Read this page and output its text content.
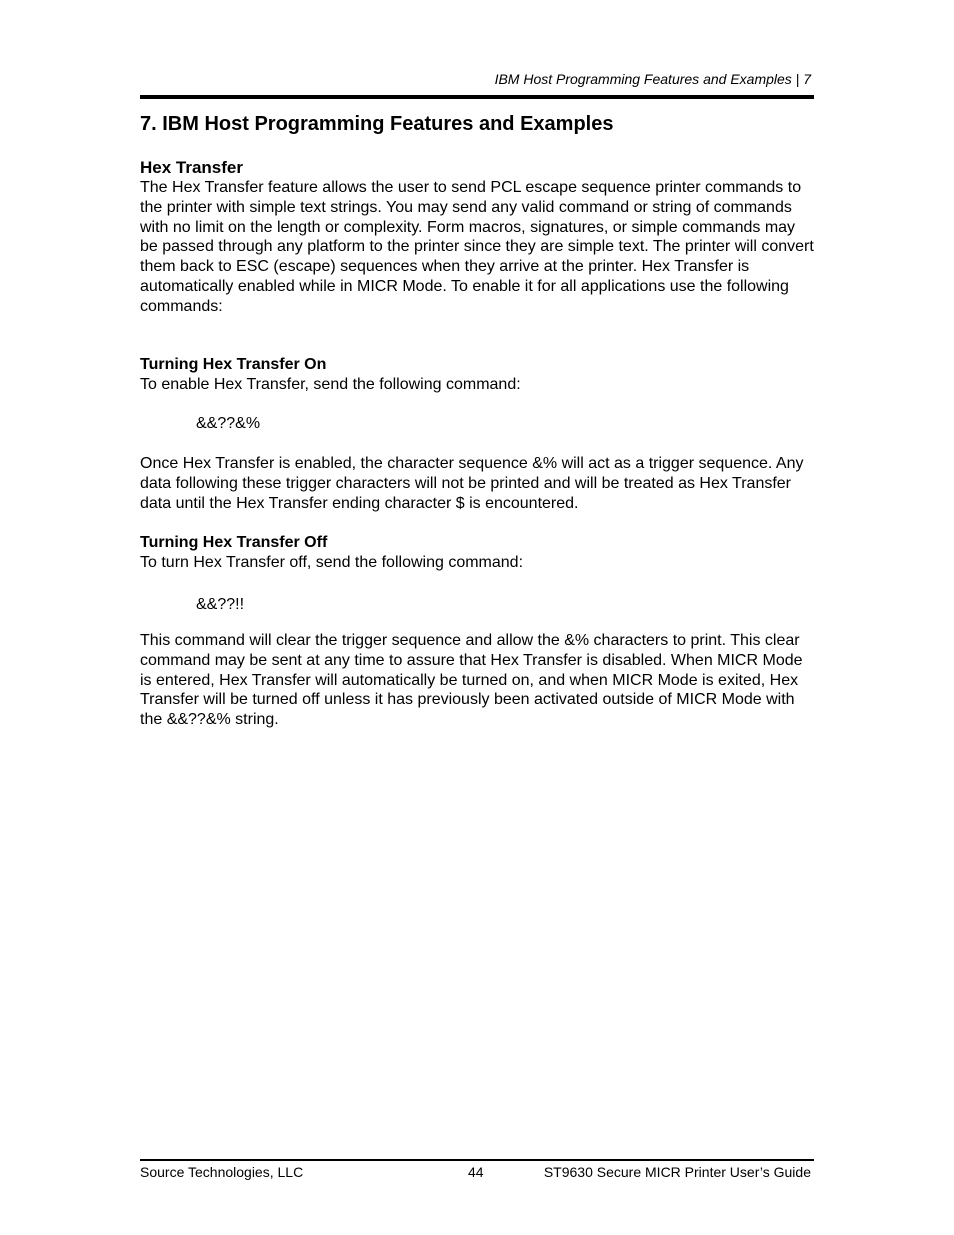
IBM Host Programming Features and Examples | 7
7. IBM Host Programming Features and Examples
Hex Transfer

The Hex Transfer feature allows the user to send PCL escape sequence printer commands to the printer with simple text strings. You may send any valid command or string of commands with no limit on the length or complexity. Form macros, signatures, or simple commands may be passed through any platform to the printer since they are simple text. The printer will convert them back to ESC (escape) sequences when they arrive at the printer. Hex Transfer is automatically enabled while in MICR Mode. To enable it for all applications use the following commands:

Turning Hex Transfer On

To enable Hex Transfer, send the following command:

&&??&%

Once Hex Transfer is enabled, the character sequence &% will act as a trigger sequence. Any data following these trigger characters will not be printed and will be treated as Hex Transfer data until the Hex Transfer ending character $ is encountered.

Turning Hex Transfer Off

To turn Hex Transfer off, send the following command:

&&??!!

This command will clear the trigger sequence and allow the &% characters to print. This clear command may be sent at any time to assure that Hex Transfer is disabled. When MICR Mode is entered, Hex Transfer will automatically be turned on, and when MICR Mode is exited, Hex Transfer will be turned off unless it has previously been activated outside of MICR Mode with the &&??&% string.

Source Technologies, LLC	44	ST9630 Secure MICR Printer User’s Guide
